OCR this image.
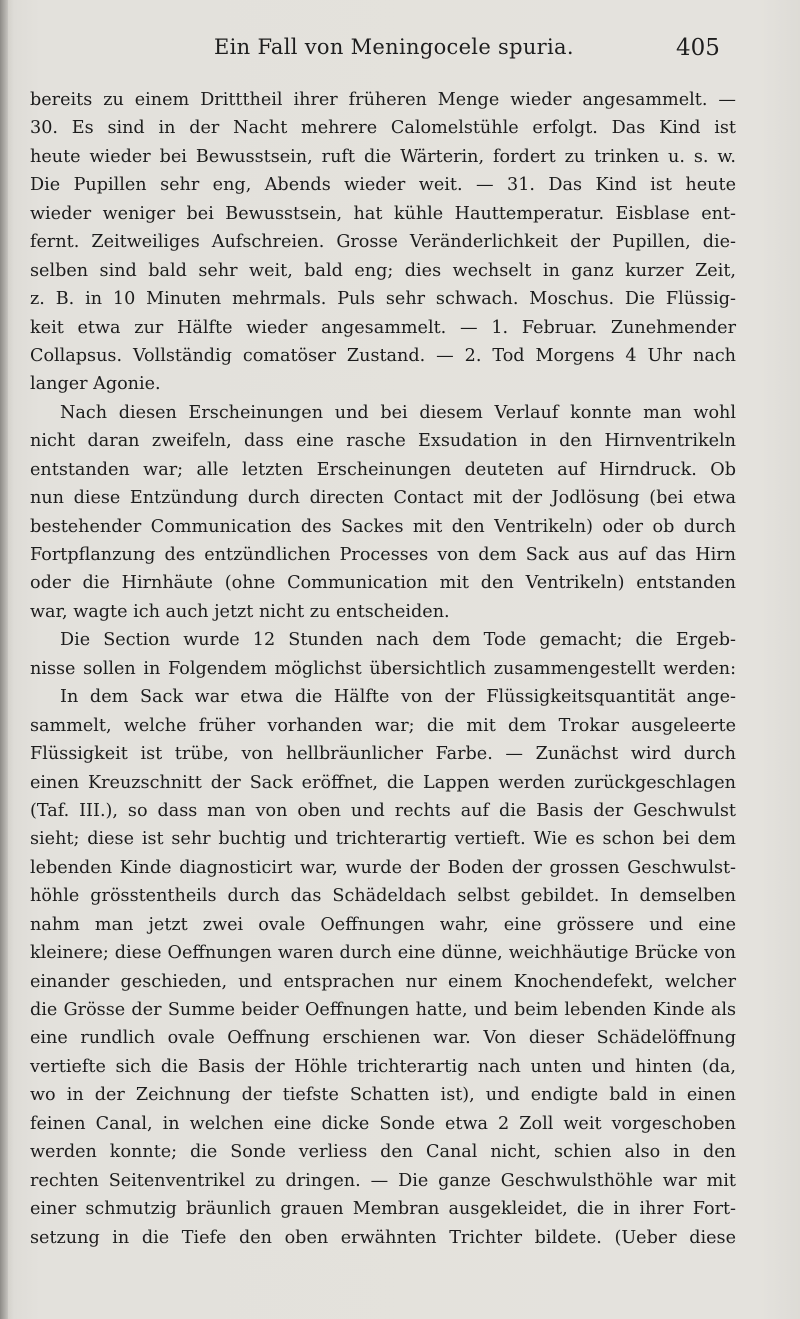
Ein Fall von Meningocele spuria.	405
bereits zu einem Dritttheil ihrer früheren Menge wieder angesammelt. —
30. Es sind in der Nacht mehrere Calomelstühle erfolgt. Das Kind ist
heute wieder bei Bewusstsein, ruft die Wärterin, fordert zu trinken u. s. w.
Die Pupillen sehr eng, Abends wieder weit. — 31. Das Kind ist heute
wieder weniger bei Bewusstsein, hat kühle Hauttemperatur. Eisblase ent-
fernt. Zeitweiliges Aufschreien. Grosse Veränderlichkeit der Pupillen, die-
selben sind bald sehr weit, bald eng; dies wechselt in ganz kurzer Zeit,
z. B. in 10 Minuten mehrmals. Puls sehr schwach. Moschus. Die Flüssig-
keit etwa zur Hälfte wieder angesammelt. — 1. Februar. Zunehmender
Collapsus. Vollständig comatöser Zustand. — 2. Tod Morgens 4 Uhr nach
langer Agonie.
Nach diesen Erscheinungen und bei diesem Verlauf konnte man wohl
nicht daran zweifeln, dass eine rasche Exsudation in den Hirnventrikeln
entstanden war; alle letzten Erscheinungen deuteten auf Hirndruck. Ob
nun diese Entzündung durch directen Contact mit der Jodlösung (bei etwa
bestehender Communication des Sackes mit den Ventrikeln) oder ob durch
Fortpflanzung des entzündlichen Processes von dem Sack aus auf das Hirn
oder die Hirnhäute (ohne Communication mit den Ventrikeln) entstanden
war, wagte ich auch jetzt nicht zu entscheiden.
Die Section wurde 12 Stunden nach dem Tode gemacht; die Ergeb-
nisse sollen in Folgendem möglichst übersichtlich zusammengestellt werden:
In dem Sack war etwa die Hälfte von der Flüssigkeitsquantität ange-
sammelt, welche früher vorhanden war; die mit dem Trokar ausgeleerte
Flüssigkeit ist trübe, von hellbräunlicher Farbe. — Zunächst wird durch
einen Kreuzschnitt der Sack eröffnet, die Lappen werden zurückgeschlagen
(Taf. III.), so dass man von oben und rechts auf die Basis der Geschwulst
sieht; diese ist sehr buchtig und trichterartig vertieft. Wie es schon bei dem
lebenden Kinde diagnosticirt war, wurde der Boden der grossen Geschwulst-
höhle grösstentheils durch das Schädeldach selbst gebildet. In demselben
nahm man jetzt zwei ovale Oeffnungen wahr, eine grössere und eine
kleinere; diese Oeffnungen waren durch eine dünne, weichhäutige Brücke von
einander geschieden, und entsprachen nur einem Knochendefekt, welcher
die Grösse der Summe beider Oeffnungen hatte, und beim lebenden Kinde als
eine rundlich ovale Oeffnung erschienen war. Von dieser Schädelöffnung
vertiefte sich die Basis der Höhle trichterartig nach unten und hinten (da,
wo in der Zeichnung der tiefste Schatten ist), und endigte bald in einen
feinen Canal, in welchen eine dicke Sonde etwa 2 Zoll weit vorgeschoben
werden konnte; die Sonde verliess den Canal nicht, schien also in den
rechten Seitenventrikel zu dringen. — Die ganze Geschwulsthöhle war mit
einer schmutzig bräunlich grauen Membran ausgekleidet, die in ihrer Fort-
setzung in die Tiefe den oben erwähnten Trichter bildete. (Ueber diese
